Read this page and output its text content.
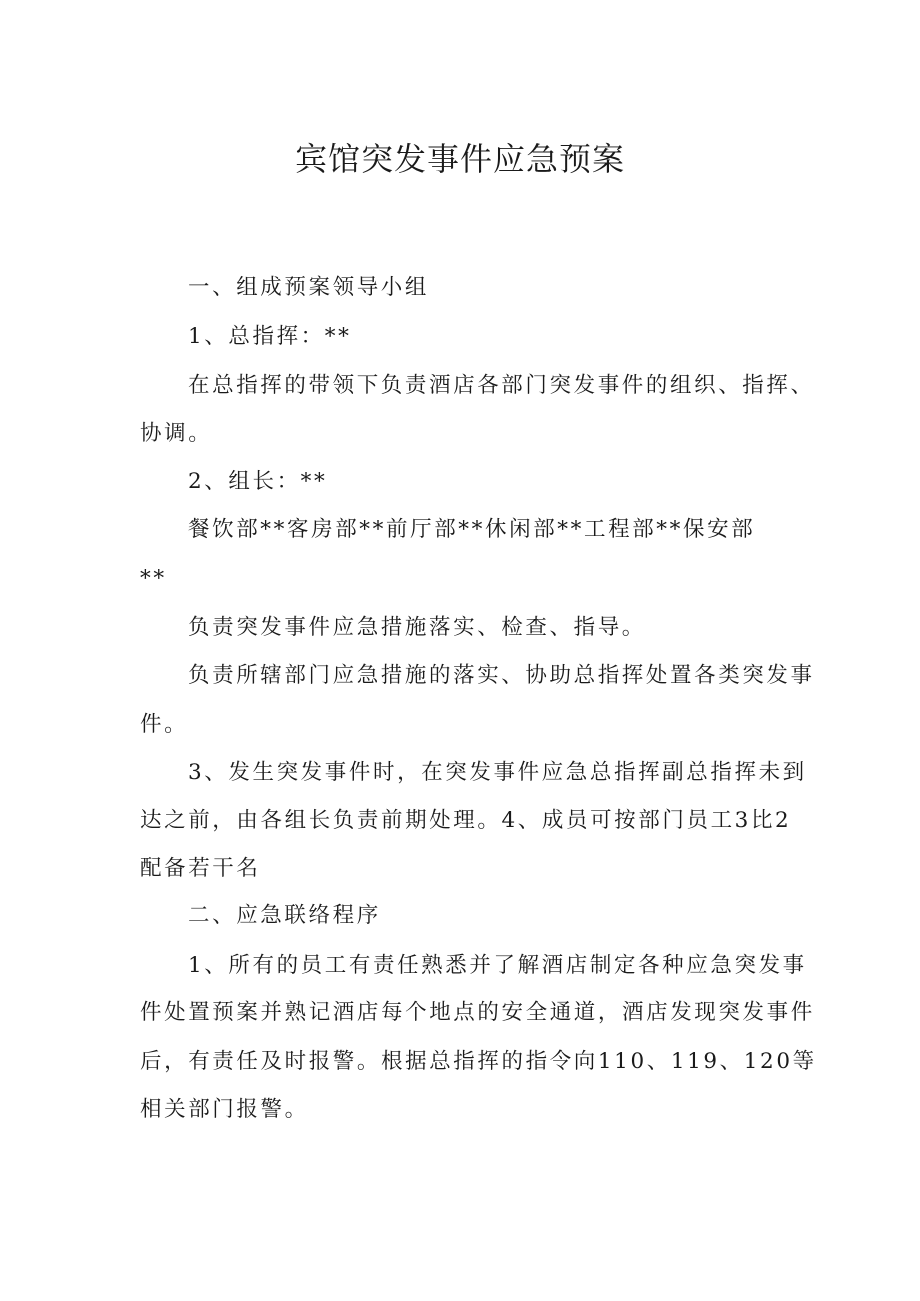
宾馆突发事件应急预案

一、组成预案领导小组

1、总指挥：**

在总指挥的带领下负责酒店各部门突发事件的组织、指挥、

协调。

2、组长：**

餐饮部**客房部**前厅部**休闲部**工程部**保安部

**

负责突发事件应急措施落实、检查、指导。

负责所辖部门应急措施的落实、协助总指挥处置各类突发事

件。

3、发生突发事件时，在突发事件应急总指挥副总指挥未到

达之前，由各组长负责前期处理。4、成员可按部门员工3比2

配备若干名

二、应急联络程序

1、所有的员工有责任熟悉并了解酒店制定各种应急突发事

件处置预案并熟记酒店每个地点的安全通道，酒店发现突发事件

后，有责任及时报警。根据总指挥的指令向110、119、120等

相关部门报警。
